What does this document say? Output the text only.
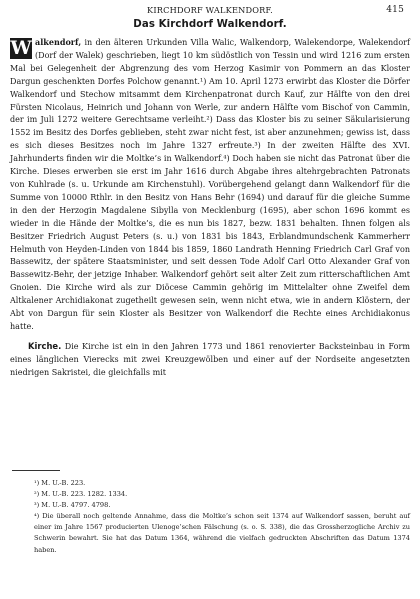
KIRCHDORF WALKENDORF.	415
Das Kirchdorf Walkendorf.

W alkendorf, in den älteren Urkunden Villa Walic, Walkendorp, Walekendorpe, Walekendorf (Dorf der Walek) geschrieben, liegt 10 km südöstlich von Tessin und wird 1216 zum ersten Mal bei Gelegenheit der Abgrenzung des vom Herzog Kasimir von Pommern an das Kloster Dargun geschenkten Dorfes Polchow genannt.¹) Am 10. April 1273 erwirbt das Kloster die Dörfer Walkendorf und Stechow mitsammt dem Kirchenpatronat durch Kauf, zur Hälfte von den drei Fürsten Nicolaus, Heinrich und Johann von Werle, zur andern Hälfte vom Bischof von Cammin, der im Juli 1272 weitere Gerechtsame verleiht.²) Dass das Kloster bis zu seiner Säkularisierung 1552 im Besitz des Dorfes geblieben, steht zwar nicht fest, ist aber anzunehmen; gewiss ist, dass es sich dieses Besitzes noch im Jahre 1327 erfreute.³) In der zweiten Hälfte des XVI. Jahrhunderts finden wir die Moltke’s in Walkendorf.⁴) Doch haben sie nicht das Patronat über die Kirche. Dieses erwerben sie erst im Jahr 1616 durch Abgabe ihres altehrgebrachten Patronats von Kuhlrade (s. u. Urkunde am Kirchenstuhl). Vorübergehend gelangt dann Walkendorf für die Summe von 10000 Rthlr. in den Besitz von Hans Behr (1694) und darauf für die gleiche Summe in den der Herzogin Magdalene Sibylla von Mecklenburg (1695), aber schon 1696 kommt es wieder in die Hände der Moltke’s, die es nun bis 1827, bezw. 1831 behalten. Ihnen folgen als Besitzer Friedrich August Peters (s. u.) von 1831 bis 1843, Erblandmundschenk Kammerherr Helmuth von Heyden-Linden von 1844 bis 1859, 1860 Landrath Henning Friedrich Carl Graf von Bassewitz, der spätere Staatsminister, und seit dessen Tode Adolf Carl Otto Alexander Graf von Bassewitz-Behr, der jetzige Inhaber. Walkendorf gehört seit alter Zeit zum ritterschaftlichen Amt Gnoien. Die Kirche wird als zur Diöcese Cammin gehörig im Mittelalter ohne Zweifel dem Altkalener Archidiakonat zugetheilt gewesen sein, wenn nicht etwa, wie in andern Klöstern, der Abt von Dargun für sein Kloster als Besitzer von Walkendorf die Rechte eines Archidiakonus hatte.

Kirche. Die Kirche ist ein in den Jahren 1773 und 1861 renovierter Backsteinbau in Form eines länglichen Vierecks mit zwei Kreuzgewölben und einer auf der Nordseite angesetzten niedrigen Sakristei, die gleichfalls mit

¹) M. U.-B. 223.

²) M. U.-B. 223. 1282. 1334.

³) M. U.-B. 4797. 4798.

⁴) Die überall noch geltende Annahme, dass die Moltke’s schon seit 1374 auf Walkendorf sassen, beruht auf einer im Jahre 1567 producierten Ulenoge’schen Fälschung (s. o. S. 338), die das Grossherzogliche Archiv zu Schwerin bewahrt. Sie hat das Datum 1364, während die vielfach gedruckten Abschriften das Datum 1374 haben.
